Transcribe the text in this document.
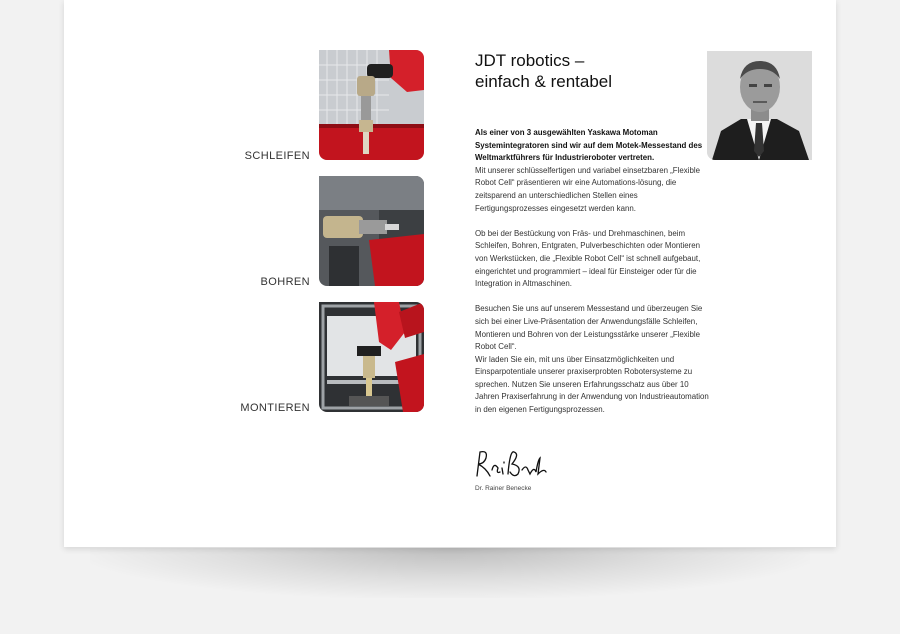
SCHLEIFEN
BOHREN
MONTIEREN
JDT robotics –
einfach & rentabel

Als einer von 3 ausgewählten Yaskawa Motoman Systemintegratoren sind wir auf dem Motek-Messestand des Weltmarktführers für Industrieroboter vertreten.

Mit unserer schlüsselfertigen und variabel einsetzbaren „Flexible Robot Cell“ präsentieren wir eine Automations-lösung, die zeitsparend an unterschiedlichen Stellen eines Fertigungsprozesses eingesetzt werden kann.

Ob bei der Bestückung von Fräs- und Drehmaschinen, beim Schleifen, Bohren, Entgraten, Pulverbeschichten oder Montieren von Werkstücken, die „Flexible Robot Cell“ ist schnell aufgebaut, eingerichtet und programmiert – ideal für Einsteiger oder für die Integration in Altmaschinen.

Besuchen Sie uns auf unserem Messestand und überzeugen Sie sich bei einer Live-Präsentation der Anwendungsfälle Schleifen, Montieren und Bohren von der Leistungsstärke unserer „Flexible Robot Cell“.

Wir laden Sie ein, mit uns über Einsatzmöglichkeiten und Einsparpotentiale unserer praxiserprobten Robotersysteme zu sprechen. Nutzen Sie unseren Erfahrungsschatz aus über 10 Jahren Praxiserfahrung in der Anwendung von Industrieautomation in den eigenen Fertigungsprozessen.

Dr. Rainer Benecke
